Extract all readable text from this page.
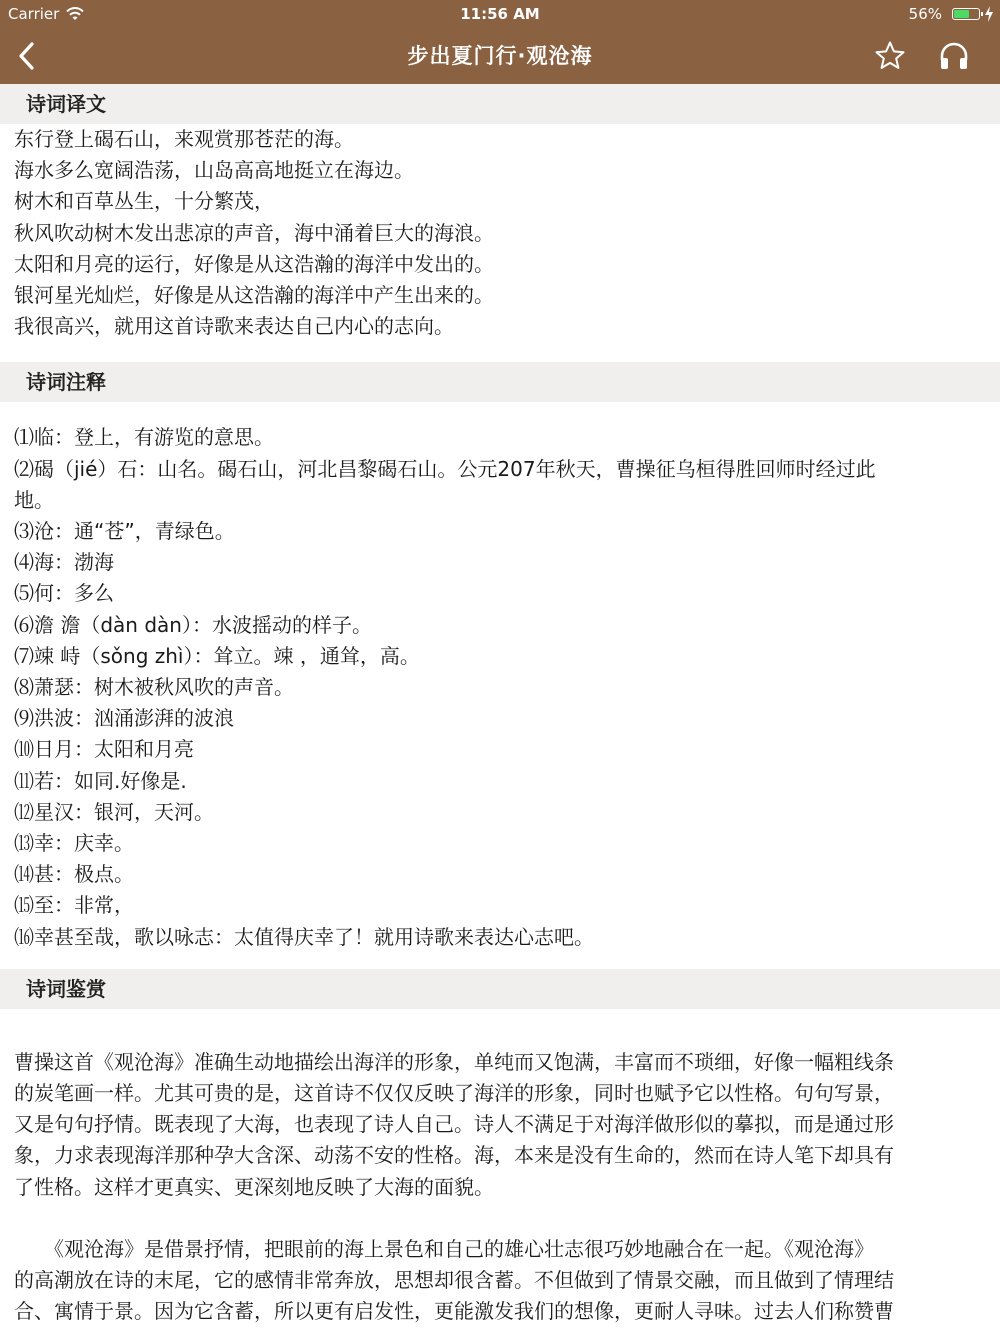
Carrier	11:56 AM	56%
步出夏门行·观沧海
诗词译文
东行登上碣石山，来观赏那苍茫的海。
海水多么宽阔浩荡，山岛高高地挺立在海边。
树木和百草丛生，十分繁茂，
秋风吹动树木发出悲凉的声音，海中涌着巨大的海浪。
太阳和月亮的运行，好像是从这浩瀚的海洋中发出的。
银河星光灿烂，好像是从这浩瀚的海洋中产生出来的。
我很高兴，就用这首诗歌来表达自己内心的志向。
诗词注释
⑴临：登上，有游览的意思。
⑵碣（jié）石：山名。碣石山，河北昌黎碣石山。公元207年秋天，曹操征乌桓得胜回师时经过此
地。
⑶沧：通“苍”，青绿色。
⑷海：渤海
⑸何：多么
⑹澹 澹（dàn dàn）：水波摇动的样子。
⑺竦 峙（sǒng zhì）：耸立。竦 ，通耸，高。
⑻萧瑟：树木被秋风吹的声音。
⑼洪波：汹涌澎湃的波浪
⑽日月：太阳和月亮
⑾若：如同.好像是.
⑿星汉：银河，天河。
⒀幸：庆幸。
⒁甚：极点。
⒂至：非常，
⒃幸甚至哉，歌以咏志：太值得庆幸了！就用诗歌来表达心志吧。
诗词鉴赏
曹操这首《观沧海》准确生动地描绘出海洋的形象，单纯而又饱满，丰富而不琐细，好像一幅粗线条
的炭笔画一样。尤其可贵的是，这首诗不仅仅反映了海洋的形象，同时也赋予它以性格。句句写景，
又是句句抒情。既表现了大海，也表现了诗人自己。诗人不满足于对海洋做形似的摹拟，而是通过形
象，力求表现海洋那种孕大含深、动荡不安的性格。海，本来是没有生命的，然而在诗人笔下却具有
了性格。这样才更真实、更深刻地反映了大海的面貌。
　　《观沧海》是借景抒情，把眼前的海上景色和自己的雄心壮志很巧妙地融合在一起。《观沧海》
的高潮放在诗的末尾，它的感情非常奔放，思想却很含蓄。不但做到了情景交融，而且做到了情理结
合、寓情于景。因为它含蓄，所以更有启发性，更能激发我们的想像，更耐人寻味。过去人们称赞曹
